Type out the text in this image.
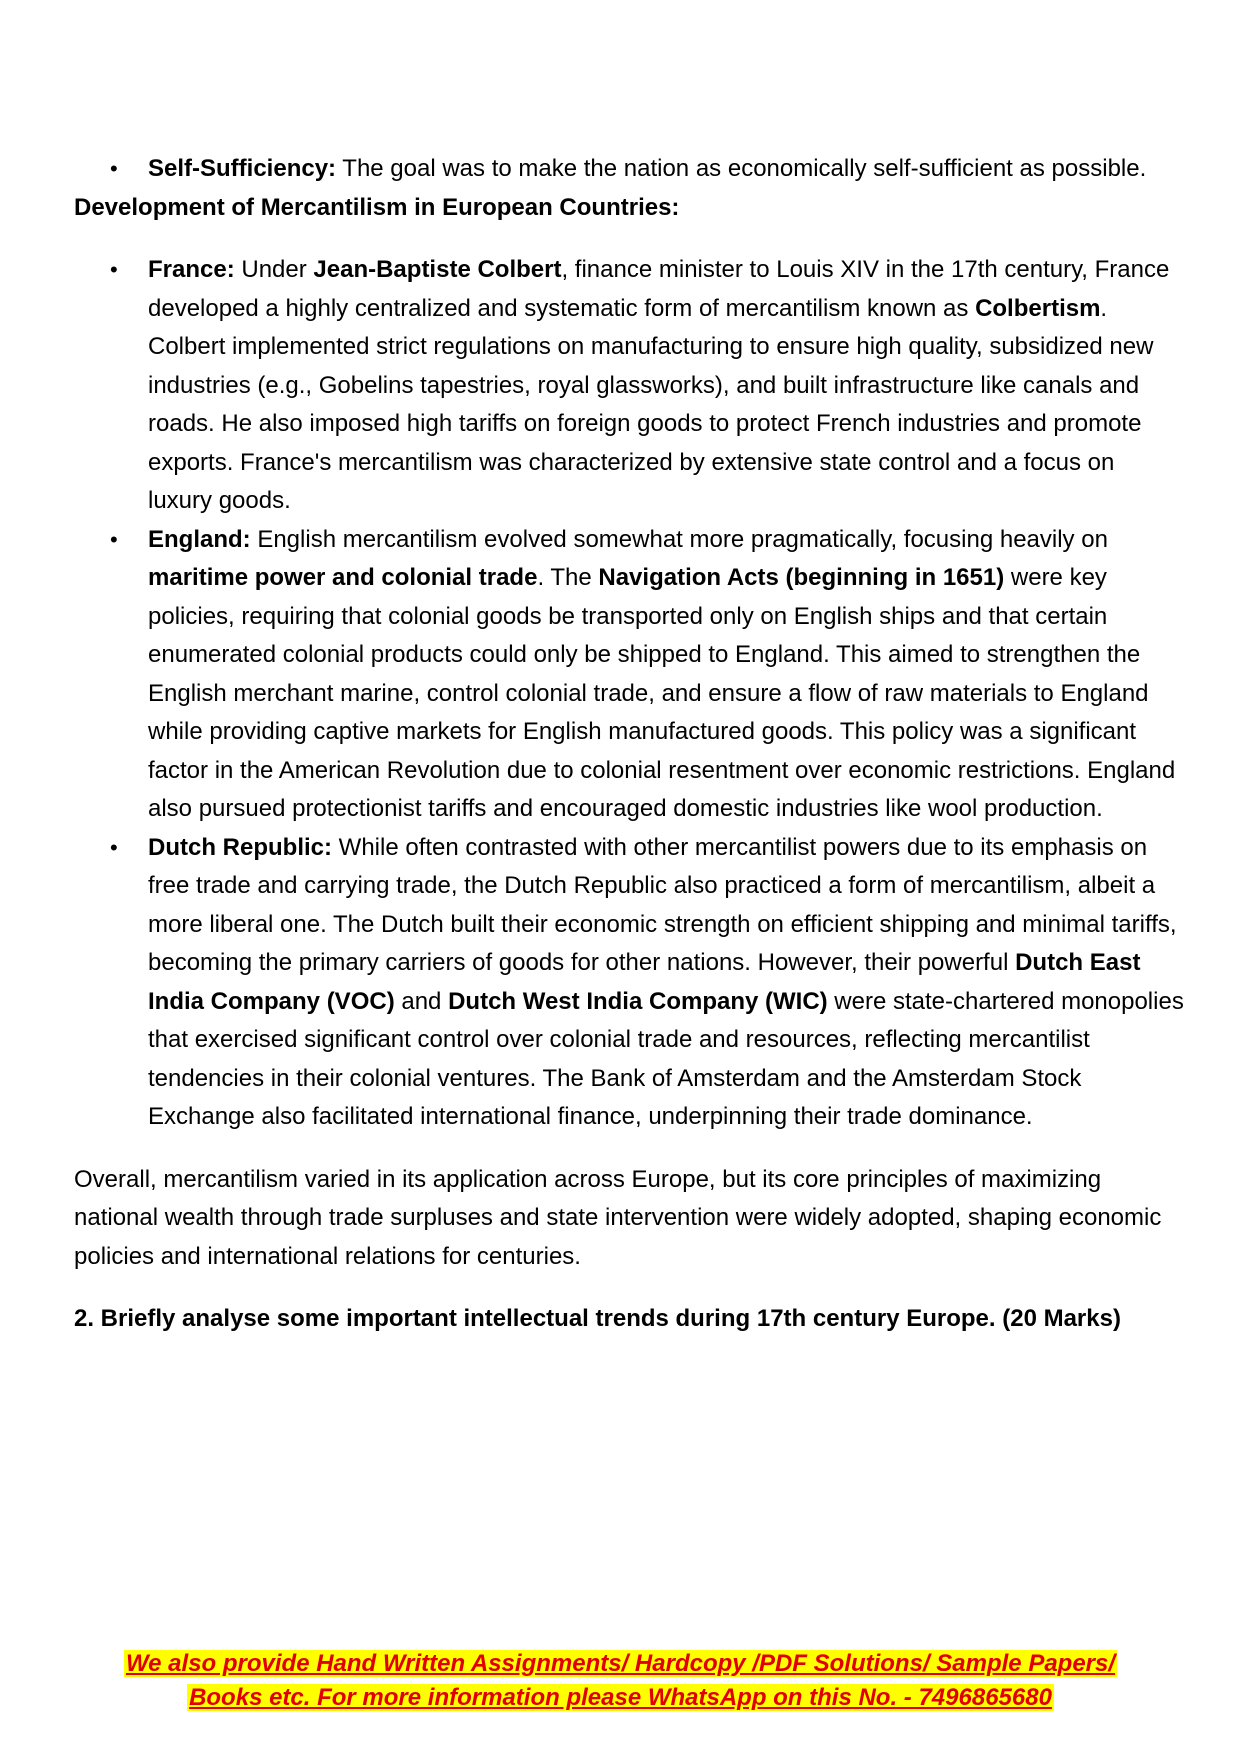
• Self-Sufficiency: The goal was to make the nation as economically self-sufficient as possible.

Development of Mercantilism in European Countries:

• France: Under Jean-Baptiste Colbert, finance minister to Louis XIV in the 17th century, France developed a highly centralized and systematic form of mercantilism known as Colbertism. Colbert implemented strict regulations on manufacturing to ensure high quality, subsidized new industries (e.g., Gobelins tapestries, royal glassworks), and built infrastructure like canals and roads. He also imposed high tariffs on foreign goods to protect French industries and promote exports. France's mercantilism was characterized by extensive state control and a focus on luxury goods.
• England: English mercantilism evolved somewhat more pragmatically, focusing heavily on maritime power and colonial trade. The Navigation Acts (beginning in 1651) were key policies, requiring that colonial goods be transported only on English ships and that certain enumerated colonial products could only be shipped to England. This aimed to strengthen the English merchant marine, control colonial trade, and ensure a flow of raw materials to England while providing captive markets for English manufactured goods. This policy was a significant factor in the American Revolution due to colonial resentment over economic restrictions. England also pursued protectionist tariffs and encouraged domestic industries like wool production.
• Dutch Republic: While often contrasted with other mercantilist powers due to its emphasis on free trade and carrying trade, the Dutch Republic also practiced a form of mercantilism, albeit a more liberal one. The Dutch built their economic strength on efficient shipping and minimal tariffs, becoming the primary carriers of goods for other nations. However, their powerful Dutch East India Company (VOC) and Dutch West India Company (WIC) were state-chartered monopolies that exercised significant control over colonial trade and resources, reflecting mercantilist tendencies in their colonial ventures. The Bank of Amsterdam and the Amsterdam Stock Exchange also facilitated international finance, underpinning their trade dominance.

Overall, mercantilism varied in its application across Europe, but its core principles of maximizing national wealth through trade surpluses and state intervention were widely adopted, shaping economic policies and international relations for centuries.

2. Briefly analyse some important intellectual trends during 17th century Europe. (20 Marks)

We also provide Hand Written Assignments/ Hardcopy /PDF Solutions/ Sample Papers/
Books etc. For more information please WhatsApp on this No. - 7496865680
